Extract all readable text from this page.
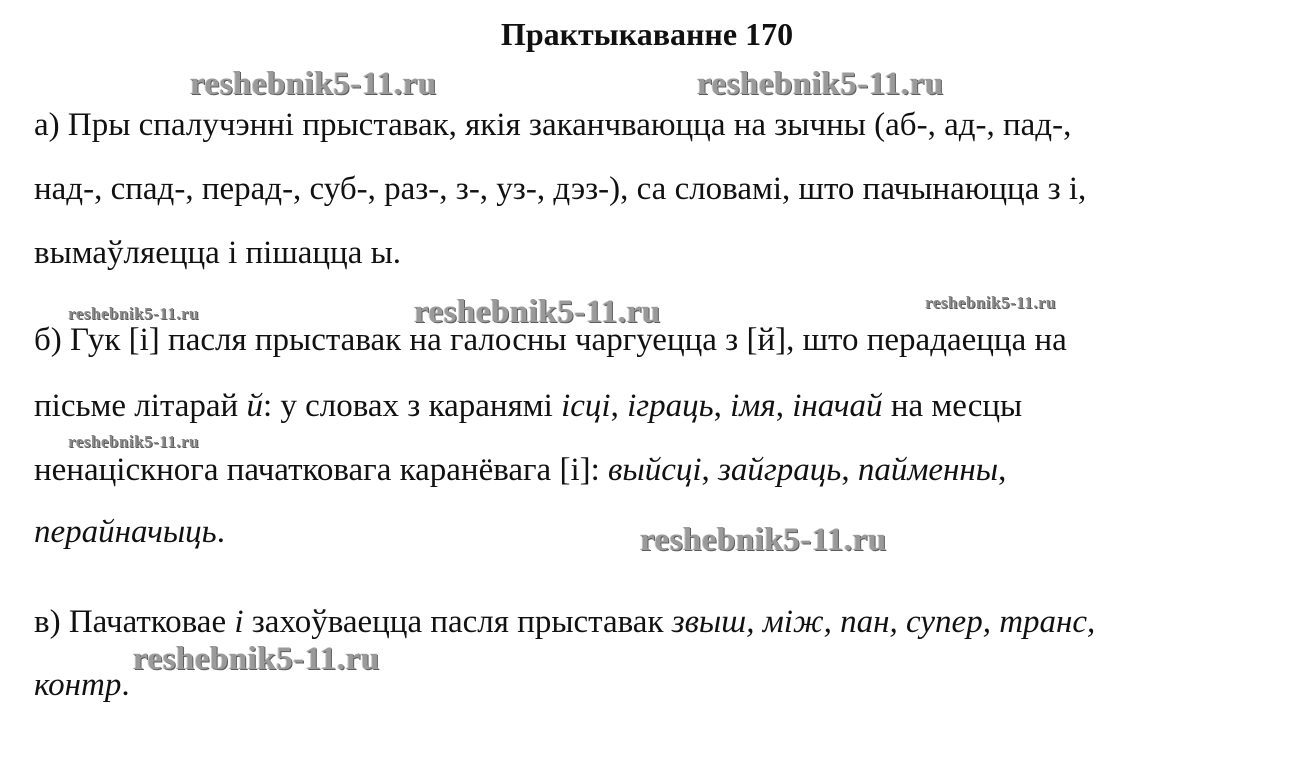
Практыкаванне 170
reshebnik5-11.ru	reshebnik5-11.ru
а) Пры спалучэнні прыставак, якія заканчваюцца на зычны (аб-, ад-, пад-,
над-, спад-, перад-, суб-, раз-, з-, уз-, дэз-), са словамі, што пачынаюцца з і,
вымаўляецца і пішацца ы.
reshebnik5-11.ru	reshebnik5-11.ru	reshebnik5-11.ru
б) Гук [і] пасля прыставак на галосны чаргуецца з [й], што перадаецца на
пісьме літарай й: у словах з каранямі ісці, іграць, імя, іначай на месцы
reshebnik5-11.ru
ненаціскнога пачатковага каранёвага [і]: выйсці, зайграць, пайменны,
перайначыць.	reshebnik5-11.ru
в) Пачатковае і захоўваецца пасля прыставак звыш, між, пан, супер, транс,
reshebnik5-11.ru
контр.
